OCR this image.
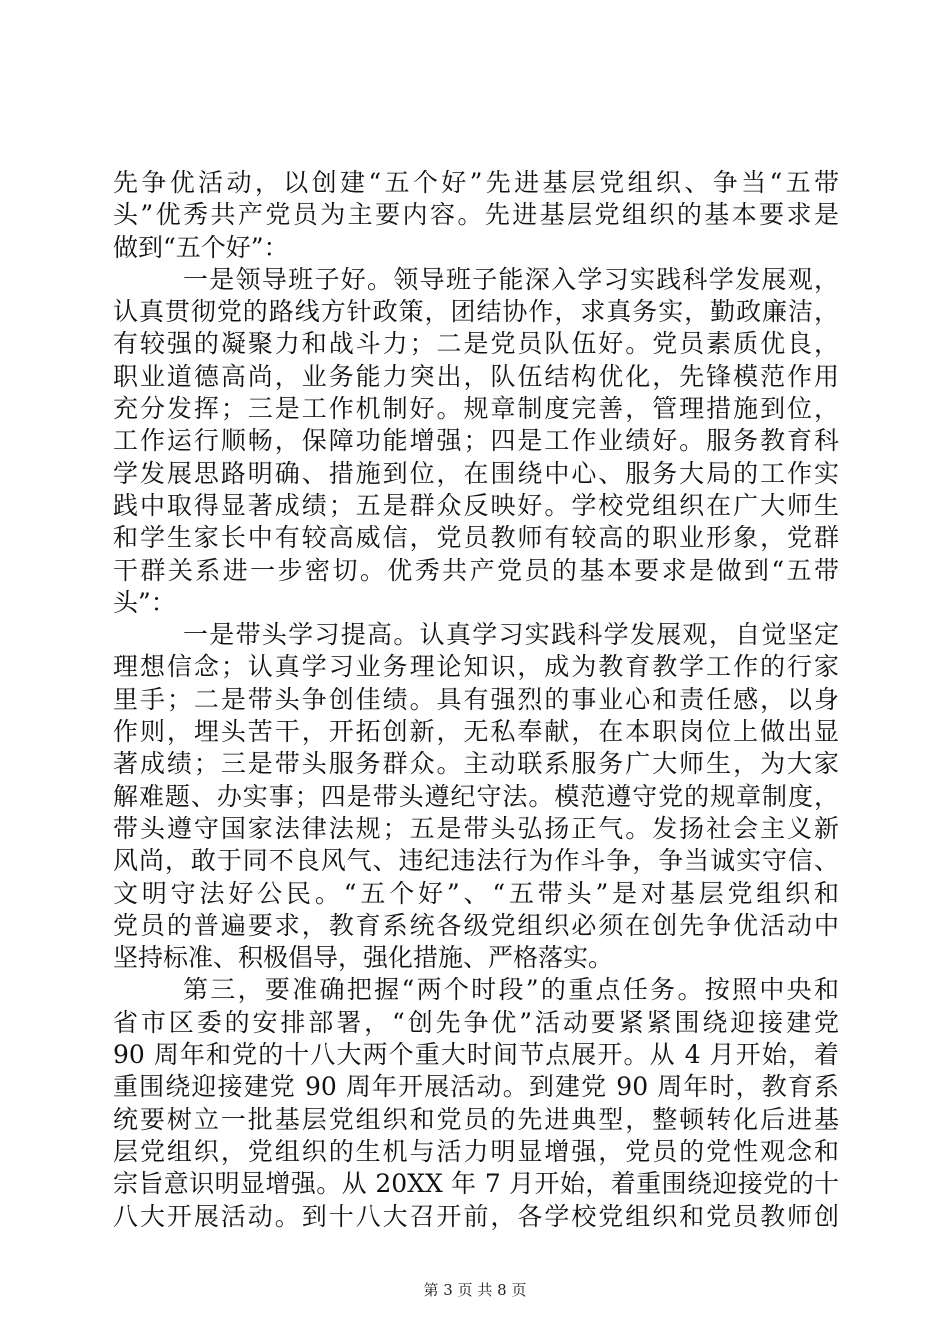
先争优活动，以创建“五个好”先进基层党组织、争当“五带
头”优秀共产党员为主要内容。先进基层党组织的基本要求是
做到“五个好”：
一是领导班子好。领导班子能深入学习实践科学发展观，
认真贯彻党的路线方针政策，团结协作，求真务实，勤政廉洁，
有较强的凝聚力和战斗力；二是党员队伍好。党员素质优良，
职业道德高尚，业务能力突出，队伍结构优化，先锋模范作用
充分发挥；三是工作机制好。规章制度完善，管理措施到位，
工作运行顺畅，保障功能增强；四是工作业绩好。服务教育科
学发展思路明确、措施到位，在围绕中心、服务大局的工作实
践中取得显著成绩；五是群众反映好。学校党组织在广大师生
和学生家长中有较高威信，党员教师有较高的职业形象，党群
干群关系进一步密切。优秀共产党员的基本要求是做到“五带
头”：
一是带头学习提高。认真学习实践科学发展观，自觉坚定
理想信念；认真学习业务理论知识，成为教育教学工作的行家
里手；二是带头争创佳绩。具有强烈的事业心和责任感，以身
作则，埋头苦干，开拓创新，无私奉献，在本职岗位上做出显
著成绩；三是带头服务群众。主动联系服务广大师生，为大家
解难题、办实事；四是带头遵纪守法。模范遵守党的规章制度，
带头遵守国家法律法规；五是带头弘扬正气。发扬社会主义新
风尚，敢于同不良风气、违纪违法行为作斗争，争当诚实守信、
文明守法好公民。“五个好”、“五带头”是对基层党组织和
党员的普遍要求，教育系统各级党组织必须在创先争优活动中
坚持标准、积极倡导，强化措施、严格落实。
第三，要准确把握“两个时段”的重点任务。按照中央和
省市区委的安排部署，“创先争优”活动要紧紧围绕迎接建党
90 周年和党的十八大两个重大时间节点展开。从 4 月开始，着
重围绕迎接建党 90 周年开展活动。到建党 90 周年时，教育系
统要树立一批基层党组织和党员的先进典型，整顿转化后进基
层党组织，党组织的生机与活力明显增强，党员的党性观念和
宗旨意识明显增强。从 20XX 年 7 月开始，着重围绕迎接党的十
八大开展活动。到十八大召开前，各学校党组织和党员教师创
第 3 页 共 8 页
